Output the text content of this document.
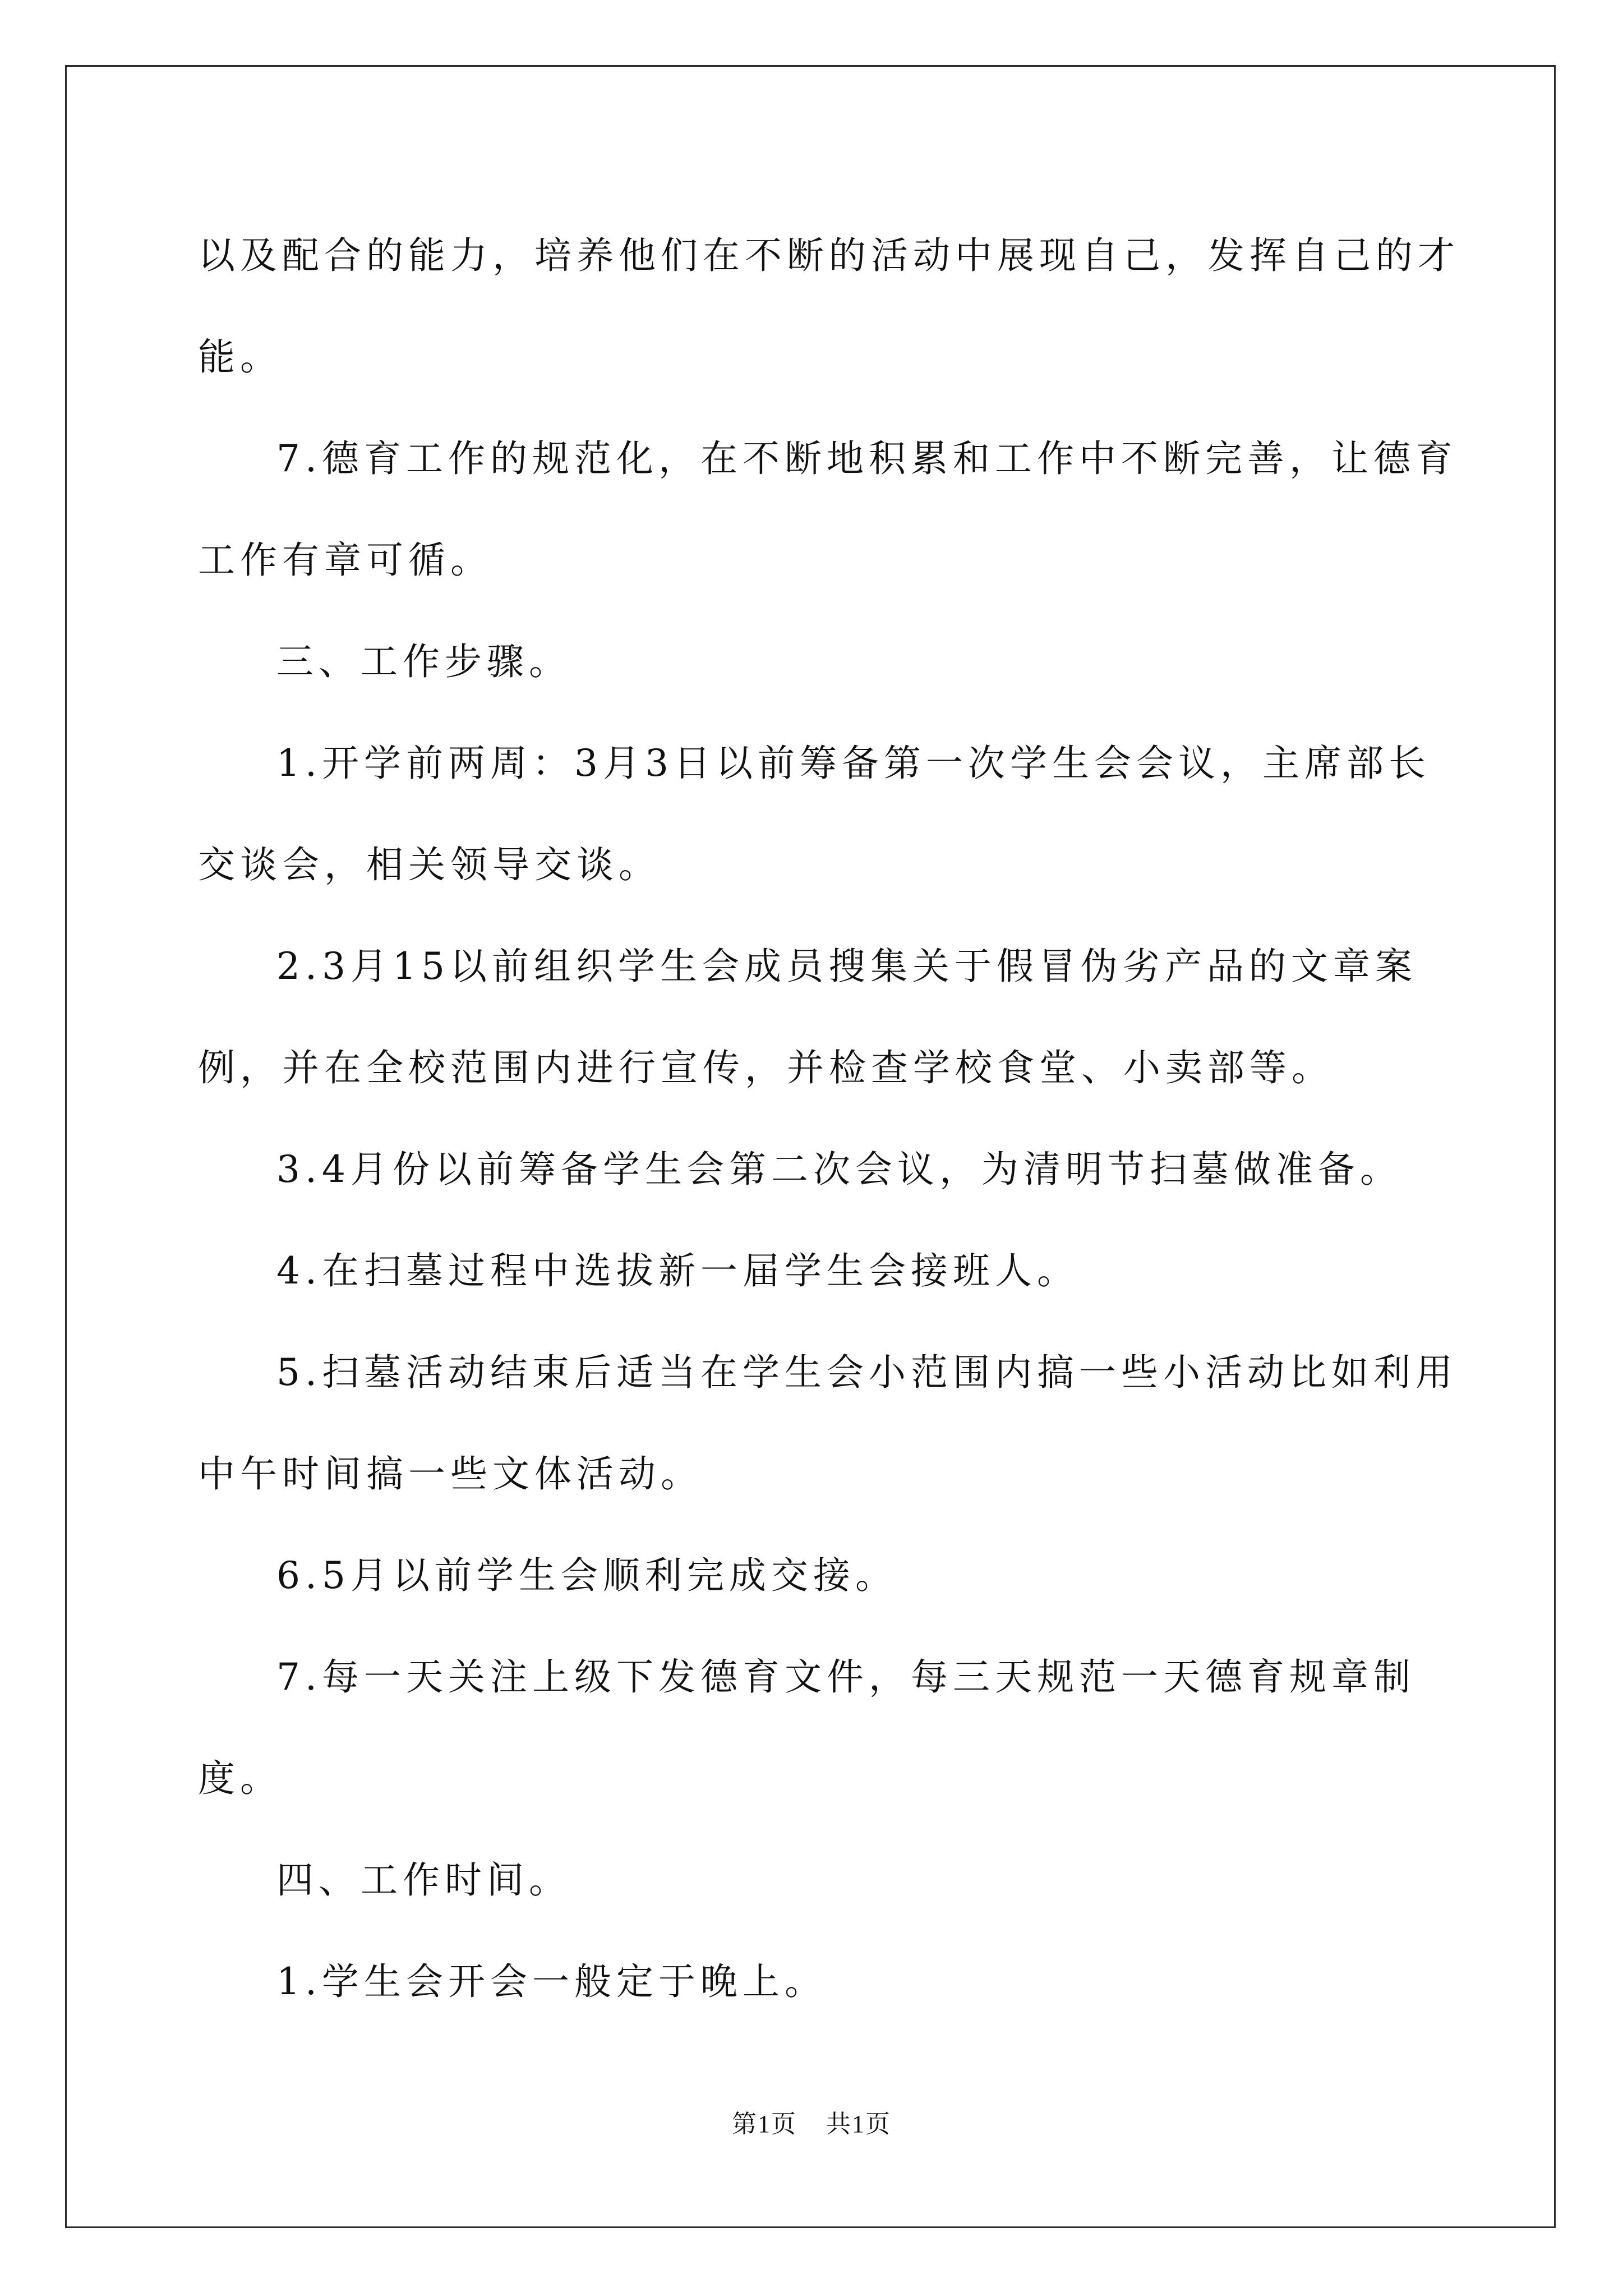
以及配合的能力，培养他们在不断的活动中展现自己，发挥自己的才能。

7.德育工作的规范化，在不断地积累和工作中不断完善，让德育工作有章可循。

三、工作步骤。

1.开学前两周：3月3日以前筹备第一次学生会会议，主席部长交谈会，相关领导交谈。

2.3月15以前组织学生会成员搜集关于假冒伪劣产品的文章案例，并在全校范围内进行宣传，并检查学校食堂、小卖部等。

3.4月份以前筹备学生会第二次会议，为清明节扫墓做准备。

4.在扫墓过程中选拔新一届学生会接班人。

5.扫墓活动结束后适当在学生会小范围内搞一些小活动比如利用中午时间搞一些文体活动。

6.5月以前学生会顺利完成交接。

7.每一天关注上级下发德育文件，每三天规范一天德育规章制度。

四、工作时间。

1.学生会开会一般定于晚上。

第1页 共1页
